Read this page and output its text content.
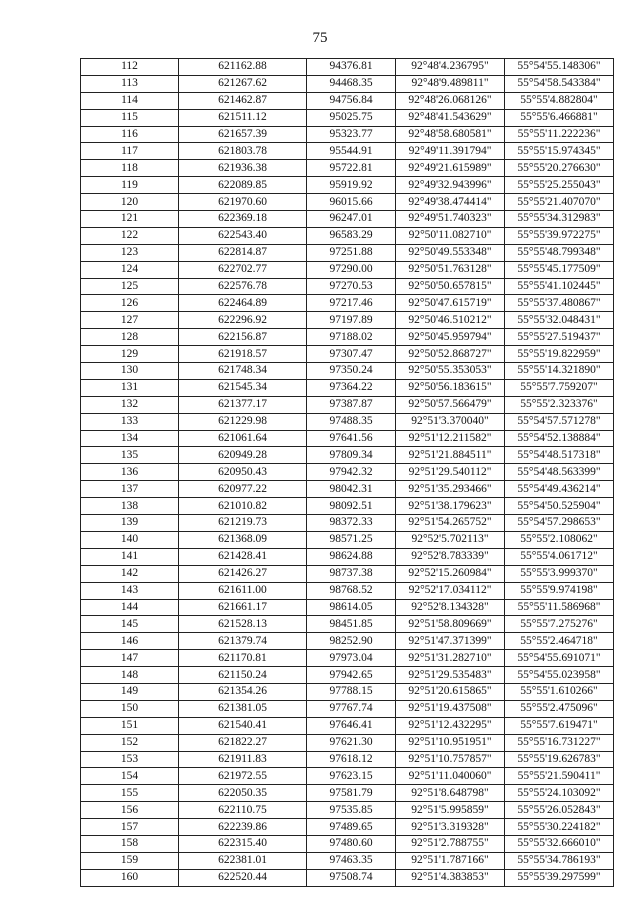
75
112	621162.88	94376.81	92°48'4.236795"	55°54'55.148306"
113	621267.62	94468.35	92°48'9.489811"	55°54'58.543384"
114	621462.87	94756.84	92°48'26.068126"	55°55'4.882804"
115	621511.12	95025.75	92°48'41.543629"	55°55'6.466881"
116	621657.39	95323.77	92°48'58.680581"	55°55'11.222236"
117	621803.78	95544.91	92°49'11.391794"	55°55'15.974345"
118	621936.38	95722.81	92°49'21.615989"	55°55'20.276630"
119	622089.85	95919.92	92°49'32.943996"	55°55'25.255043"
120	621970.60	96015.66	92°49'38.474414"	55°55'21.407070"
121	622369.18	96247.01	92°49'51.740323"	55°55'34.312983"
122	622543.40	96583.29	92°50'11.082710"	55°55'39.972275"
123	622814.87	97251.88	92°50'49.553348"	55°55'48.799348"
124	622702.77	97290.00	92°50'51.763128"	55°55'45.177509"
125	622576.78	97270.53	92°50'50.657815"	55°55'41.102445"
126	622464.89	97217.46	92°50'47.615719"	55°55'37.480867"
127	622296.92	97197.89	92°50'46.510212"	55°55'32.048431"
128	622156.87	97188.02	92°50'45.959794"	55°55'27.519437"
129	621918.57	97307.47	92°50'52.868727"	55°55'19.822959"
130	621748.34	97350.24	92°50'55.353053"	55°55'14.321890"
131	621545.34	97364.22	92°50'56.183615"	55°55'7.759207"
132	621377.17	97387.87	92°50'57.566479"	55°55'2.323376"
133	621229.98	97488.35	92°51'3.370040"	55°54'57.571278"
134	621061.64	97641.56	92°51'12.211582"	55°54'52.138884"
135	620949.28	97809.34	92°51'21.884511"	55°54'48.517318"
136	620950.43	97942.32	92°51'29.540112"	55°54'48.563399"
137	620977.22	98042.31	92°51'35.293466"	55°54'49.436214"
138	621010.82	98092.51	92°51'38.179623"	55°54'50.525904"
139	621219.73	98372.33	92°51'54.265752"	55°54'57.298653"
140	621368.09	98571.25	92°52'5.702113"	55°55'2.108062"
141	621428.41	98624.88	92°52'8.783339"	55°55'4.061712"
142	621426.27	98737.38	92°52'15.260984"	55°55'3.999370"
143	621611.00	98768.52	92°52'17.034112"	55°55'9.974198"
144	621661.17	98614.05	92°52'8.134328"	55°55'11.586968"
145	621528.13	98451.85	92°51'58.809669"	55°55'7.275276"
146	621379.74	98252.90	92°51'47.371399"	55°55'2.464718"
147	621170.81	97973.04	92°51'31.282710"	55°54'55.691071"
148	621150.24	97942.65	92°51'29.535483"	55°54'55.023958"
149	621354.26	97788.15	92°51'20.615865"	55°55'1.610266"
150	621381.05	97767.74	92°51'19.437508"	55°55'2.475096"
151	621540.41	97646.41	92°51'12.432295"	55°55'7.619471"
152	621822.27	97621.30	92°51'10.951951"	55°55'16.731227"
153	621911.83	97618.12	92°51'10.757857"	55°55'19.626783"
154	621972.55	97623.15	92°51'11.040060"	55°55'21.590411"
155	622050.35	97581.79	92°51'8.648798"	55°55'24.103092"
156	622110.75	97535.85	92°51'5.995859"	55°55'26.052843"
157	622239.86	97489.65	92°51'3.319328"	55°55'30.224182"
158	622315.40	97480.60	92°51'2.788755"	55°55'32.666010"
159	622381.01	97463.35	92°51'1.787166"	55°55'34.786193"
160	622520.44	97508.74	92°51'4.383853"	55°55'39.297599"
